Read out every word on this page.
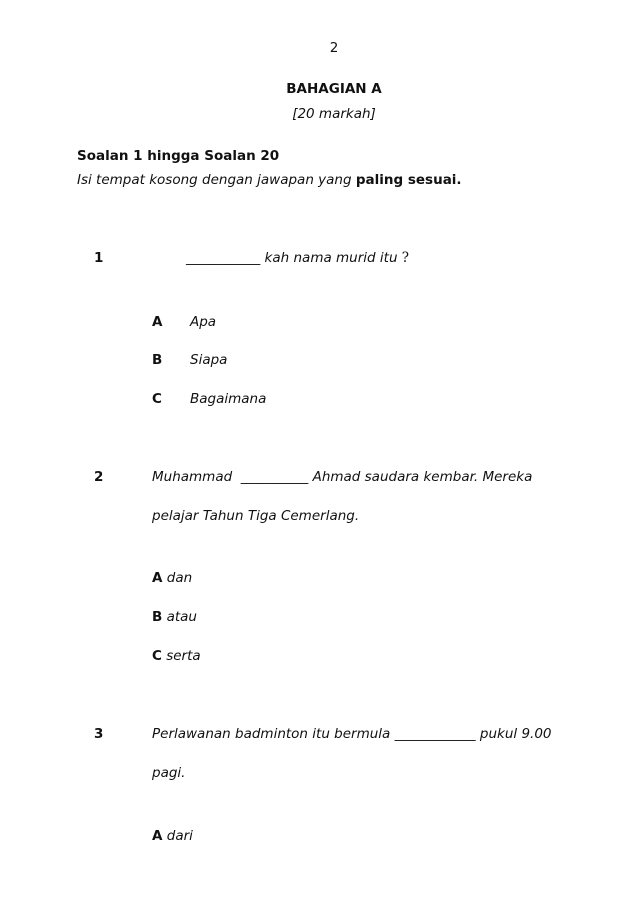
2
BAHAGIAN A
[20 markah]
Soalan 1 hingga Soalan 20
Isi tempat kosong dengan jawapan yang paling sesuai.
1	___________ kah nama murid itu ?
A Apa
B Siapa
C Bagaimana
2	Muhammad __________ Ahmad saudara kembar. Mereka
pelajar Tahun Tiga Cemerlang.
A dan
B atau
C serta
3	Perlawanan badminton itu bermula ____________ pukul 9.00
pagi.
A dari
